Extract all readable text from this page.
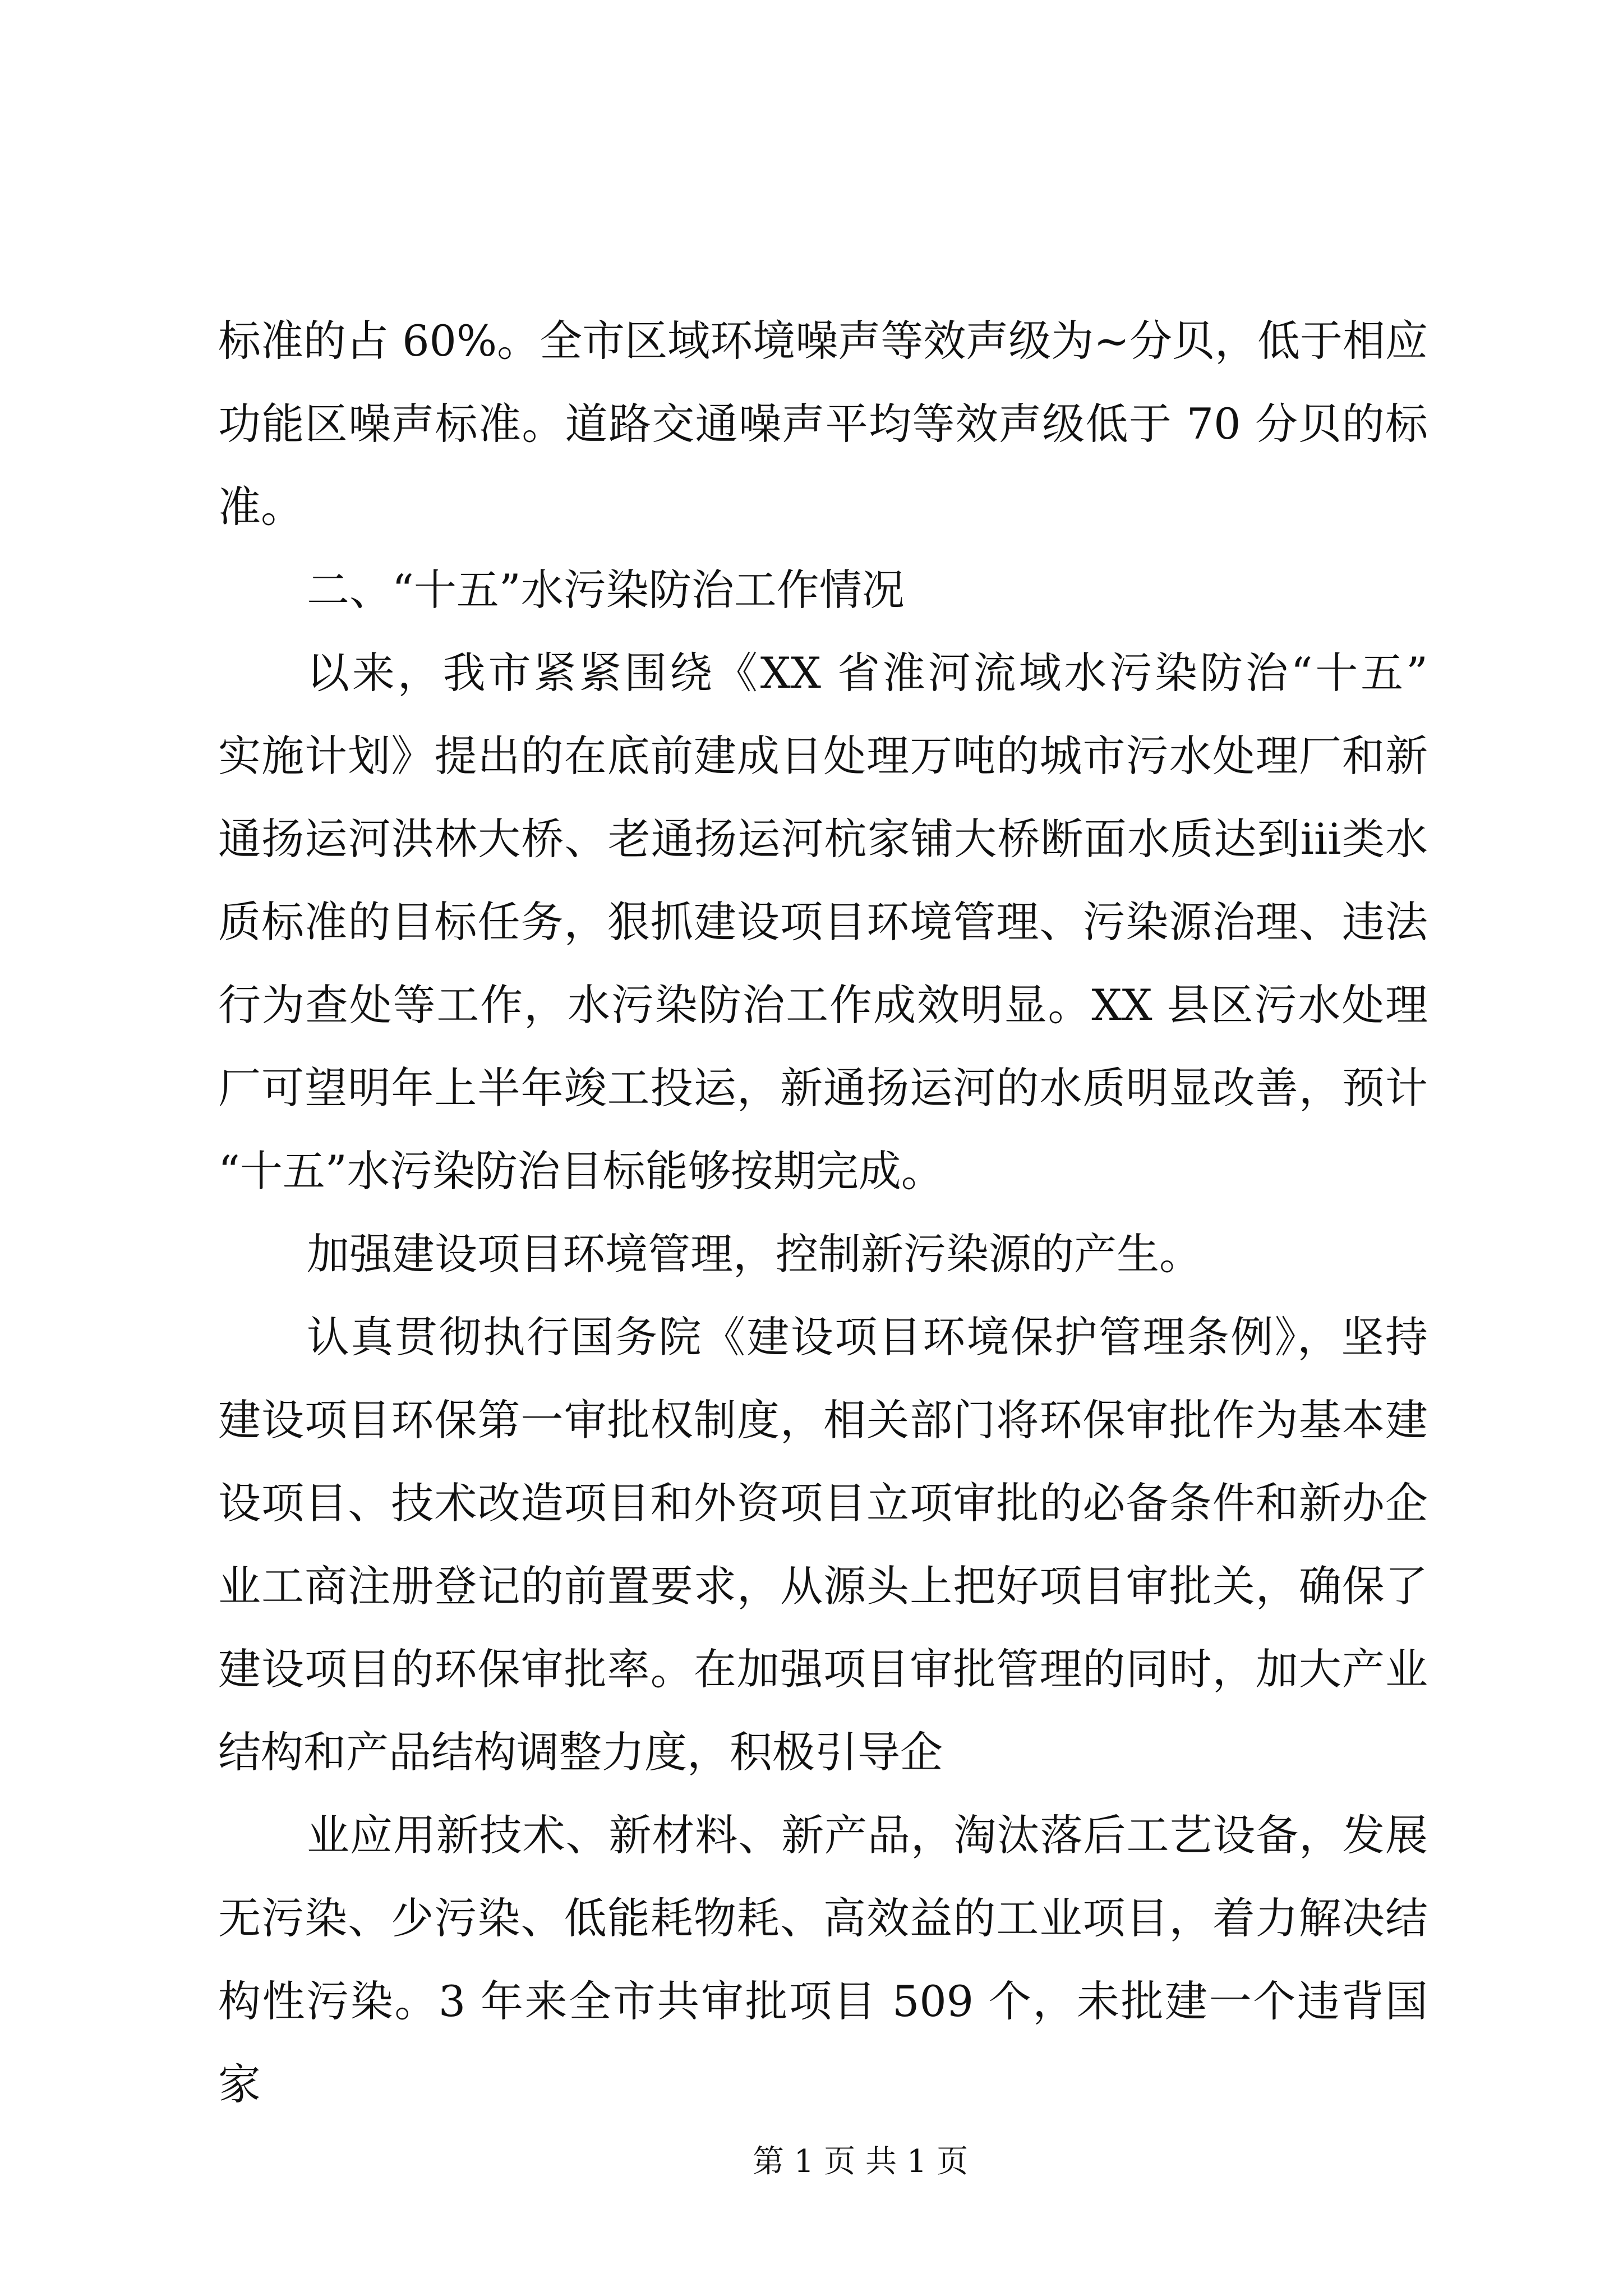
标准的占 60%。全市区域环境噪声等效声级为~分贝，低于相应
功能区噪声标准。道路交通噪声平均等效声级低于 70 分贝的标
准。
二、“十五”水污染防治工作情况
以来，我市紧紧围绕《XX 省淮河流域水污染防治“十五”
实施计划》提出的在底前建成日处理万吨的城市污水处理厂和新
通扬运河洪林大桥、老通扬运河杭家铺大桥断面水质达到iii类水
质标准的目标任务，狠抓建设项目环境管理、污染源治理、违法
行为查处等工作，水污染防治工作成效明显。XX 县区污水处理
厂可望明年上半年竣工投运，新通扬运河的水质明显改善，预计
“十五”水污染防治目标能够按期完成。
加强建设项目环境管理，控制新污染源的产生。
认真贯彻执行国务院《建设项目环境保护管理条例》，坚持
建设项目环保第一审批权制度，相关部门将环保审批作为基本建
设项目、技术改造项目和外资项目立项审批的必备条件和新办企
业工商注册登记的前置要求，从源头上把好项目审批关，确保了
建设项目的环保审批率。在加强项目审批管理的同时，加大产业
结构和产品结构调整力度，积极引导企
业应用新技术、新材料、新产品，淘汰落后工艺设备，发展
无污染、少污染、低能耗物耗、高效益的工业项目，着力解决结
构性污染。3 年来全市共审批项目 509 个，未批建一个违背国家
第 1 页 共 1 页
